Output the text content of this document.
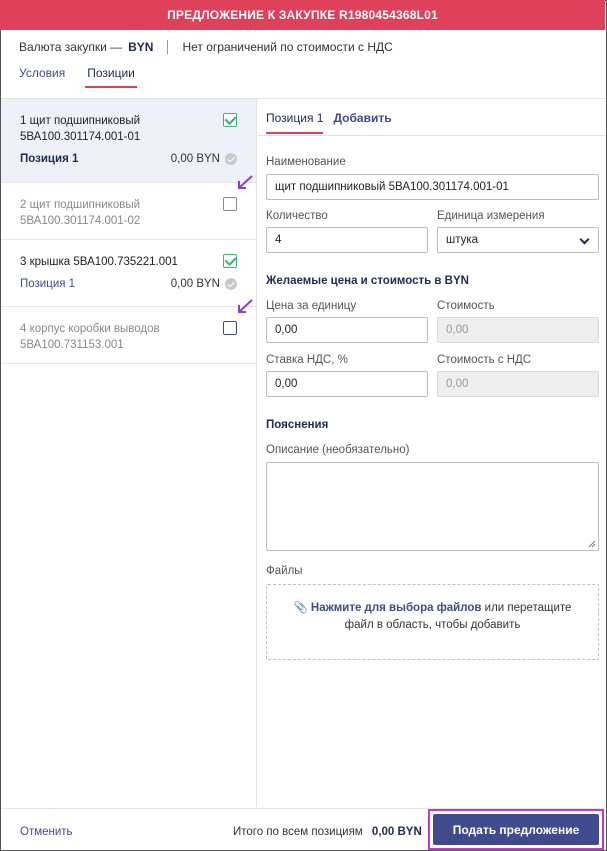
ПРЕДЛОЖЕНИЕ К ЗАКУПКЕ R1980454368L01
Валюта закупки — BYN Нет ограничений по стоимости с НДС
Условия Позиции
1 щит подшипниковый 5ВА100.301174.001-01
Позиция 1	0,00 BYN
2 щит подшипниковый 5ВА100.301174.001-02
3 крышка 5ВА100.735221.001
Позиция 1	0,00 BYN
4 корпус коробки выводов 5ВА100.731153.001
Позиция 1 Добавить
Наименование
щит подшипниковый 5ВА100.301174.001-01
Количество
4
Единица измерения
штука
Желаемые цена и стоимость в BYN
Цена за единицу
0,00
Стоимость
0,00
Ставка НДС, %
0,00
Стоимость с НДС
0,00
Пояснения
Описание (необязательно)
Файлы
📎 Нажмите для выбора файлов или перетащите
файл в область, чтобы добавить
Отменить	Итого по всем позициям 0,00 BYN	Подать предложение
